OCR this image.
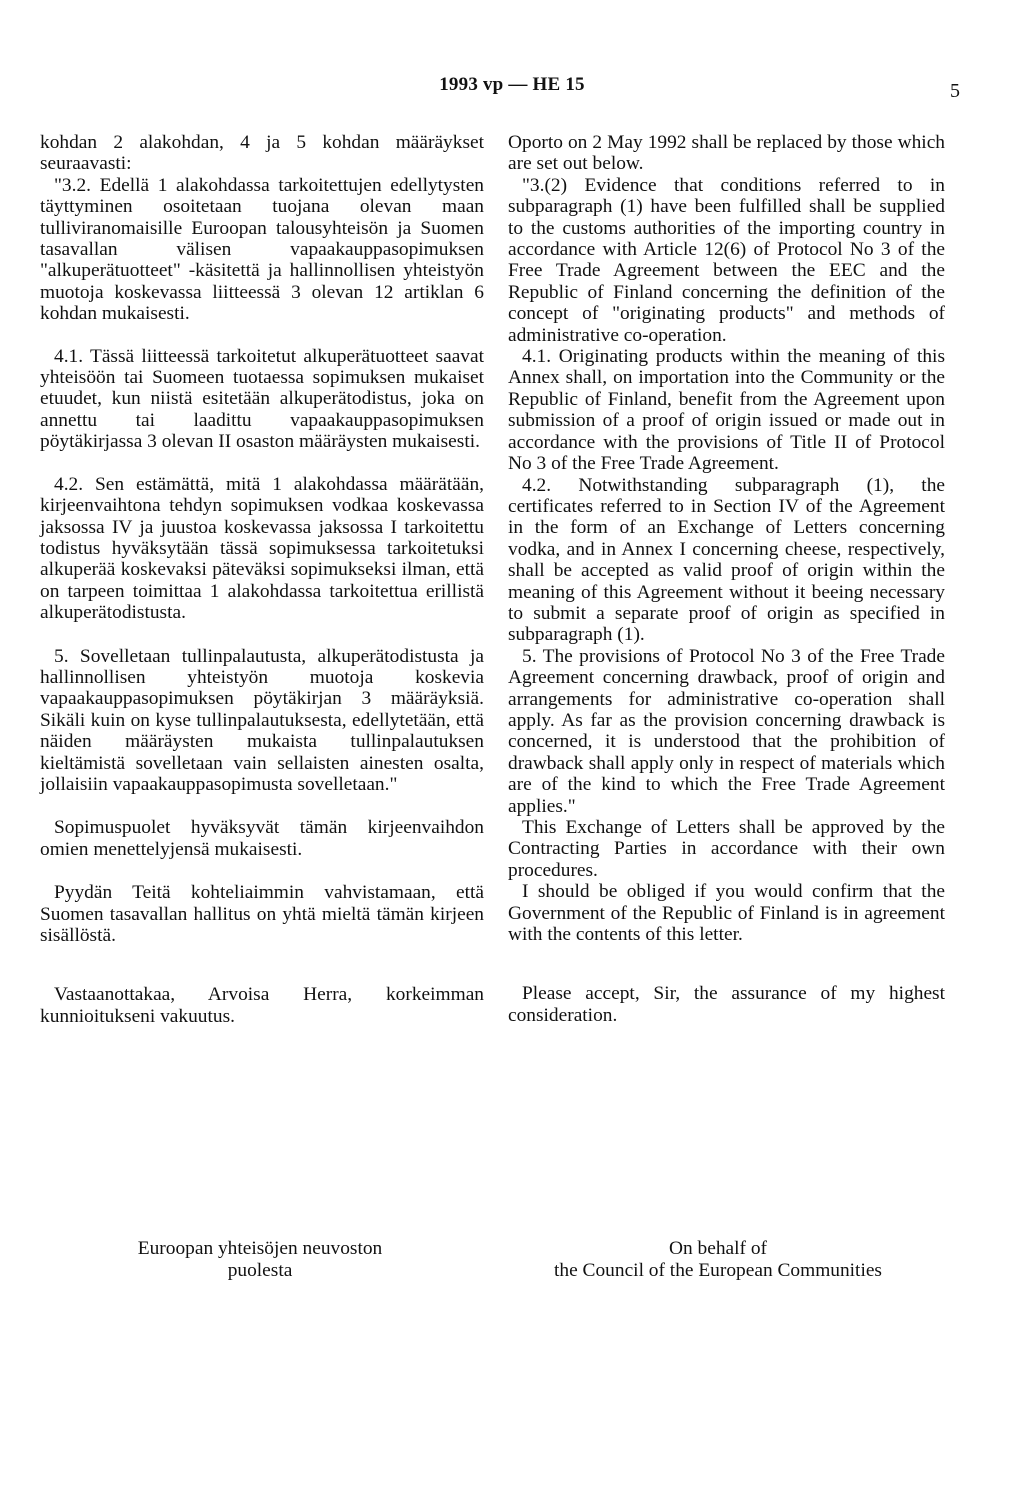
1993 vp — HE 15	5

kohdan 2 alakohdan, 4 ja 5 kohdan määräykset seuraavasti:

"3.2. Edellä 1 alakohdassa tarkoitettujen edellytysten täyttyminen osoitetaan tuojana olevan maan tulliviranomaisille Euroopan talousyhteisön ja Suomen tasavallan välisen vapaakauppasopimuksen "alkuperätuotteet" -käsitettä ja hallinnollisen yhteistyön muotoja koskevassa liitteessä 3 olevan 12 artiklan 6 kohdan mukaisesti.

4.1. Tässä liitteessä tarkoitetut alkuperätuotteet saavat yhteisöön tai Suomeen tuotaessa sopimuksen mukaiset etuudet, kun niistä esitetään alkuperätodistus, joka on annettu tai laadittu vapaakauppasopimuksen pöytäkirjassa 3 olevan II osaston määräysten mukaisesti.

4.2. Sen estämättä, mitä 1 alakohdassa määrätään, kirjeenvaihtona tehdyn sopimuksen vodkaa koskevassa jaksossa IV ja juustoa koskevassa jaksossa I tarkoitettu todistus hyväksytään tässä sopimuksessa tarkoitetuksi alkuperää koskevaksi päteväksi sopimukseksi ilman, että on tarpeen toimittaa 1 alakohdassa tarkoitettua erillistä alkuperätodistusta.

5. Sovelletaan tullinpalautusta, alkuperätodistusta ja hallinnollisen yhteistyön muotoja koskevia vapaakauppasopimuksen pöytäkirjan 3 määräyksiä. Sikäli kuin on kyse tullinpalautuksesta, edellytetään, että näiden määräysten mukaista tullinpalautuksen kieltämistä sovelletaan vain sellaisten ainesten osalta, jollaisiin vapaakauppasopimusta sovelletaan."

Sopimuspuolet hyväksyvät tämän kirjeenvaihdon omien menettelyjensä mukaisesti.

Pyydän Teitä kohteliaimmin vahvistamaan, että Suomen tasavallan hallitus on yhtä mieltä tämän kirjeen sisällöstä.

Vastaanottakaa, Arvoisa Herra, korkeimman kunnioitukseni vakuutus.

Oporto on 2 May 1992 shall be replaced by those which are set out below.

"3.(2) Evidence that conditions referred to in subparagraph (1) have been fulfilled shall be supplied to the customs authorities of the importing country in accordance with Article 12(6) of Protocol No 3 of the Free Trade Agreement between the EEC and the Republic of Finland concerning the definition of the concept of "originating products" and methods of administrative co-operation.

4.1. Originating products within the meaning of this Annex shall, on importation into the Community or the Republic of Finland, benefit from the Agreement upon submission of a proof of origin issued or made out in accordance with the provisions of Title II of Protocol No 3 of the Free Trade Agreement.

4.2. Notwithstanding subparagraph (1), the certificates referred to in Section IV of the Agreement in the form of an Exchange of Letters concerning vodka, and in Annex I concerning cheese, respectively, shall be accepted as valid proof of origin within the meaning of this Agreement without it beeing necessary to submit a separate proof of origin as specified in subparagraph (1).

5. The provisions of Protocol No 3 of the Free Trade Agreement concerning drawback, proof of origin and arrangements for administrative co-operation shall apply. As far as the provision concerning drawback is concerned, it is understood that the prohibition of drawback shall apply only in respect of materials which are of the kind to which the Free Trade Agreement applies."

This Exchange of Letters shall be approved by the Contracting Parties in accordance with their own procedures.

I should be obliged if you would confirm that the Government of the Republic of Finland is in agreement with the contents of this letter.

Please accept, Sir, the assurance of my highest consideration.

Euroopan yhteisöjen neuvoston
puolesta
On behalf of
the Council of the European Communities
